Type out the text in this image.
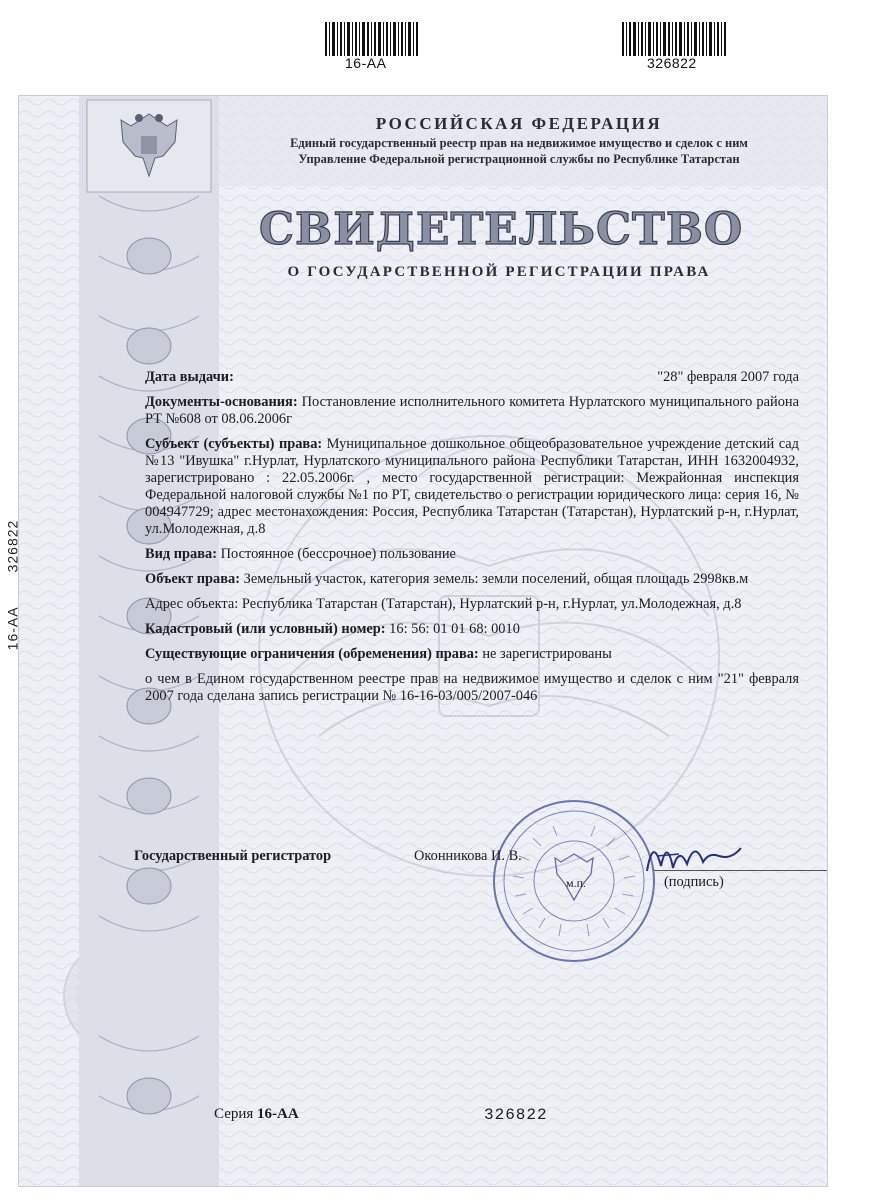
16-АА	326822
РОССИЙСКАЯ ФЕДЕРАЦИЯ
Единый государственный реестр прав на недвижимое имущество и сделок с ним
Управление Федеральной регистрационной службы по Республике Татарстан
СВИДЕТЕЛЬСТВО
О ГОСУДАРСТВЕННОЙ РЕГИСТРАЦИИ ПРАВА
Дата выдачи:	"28" февраля 2007 года

Документы-основания: Постановление исполнительного комитета Нурлатского муниципального района РТ №608 от 08.06.2006г

Субъект (субъекты) права: Муниципальное дошкольное общеобразовательное учреждение детский сад №13 "Ивушка" г.Нурлат, Нурлатского муниципального района Республики Татарстан, ИНН 1632004932, зарегистрировано : 22.05.2006г. , место государственной регистрации: Межрайонная инспекция Федеральной налоговой службы №1 по РТ, свидетельство о регистрации юридического лица: серия 16, № 004947729; адрес местонахождения: Россия, Республика Татарстан (Татарстан), Нурлатский р-н, г.Нурлат, ул.Молодежная, д.8

Вид права: Постоянное (бессрочное) пользование

Объект права: Земельный участок, категория земель: земли поселений, общая площадь 2998кв.м

Адрес объекта: Республика Татарстан (Татарстан), Нурлатский р-н, г.Нурлат, ул.Молодежная, д.8

Кадастровый (или условный) номер: 16: 56: 01 01 68: 0010

Существующие ограничения (обременения) права: не зарегистрированы

о чем в Едином государственном реестре прав на недвижимое имущество и сделок с ним "21" февраля 2007 года сделана запись регистрации № 16-16-03/005/2007-046

Государственный регистратор	Оконникова И. В.
м.п.	(подпись)
Серия 16-АА	326822
16-АА326822
